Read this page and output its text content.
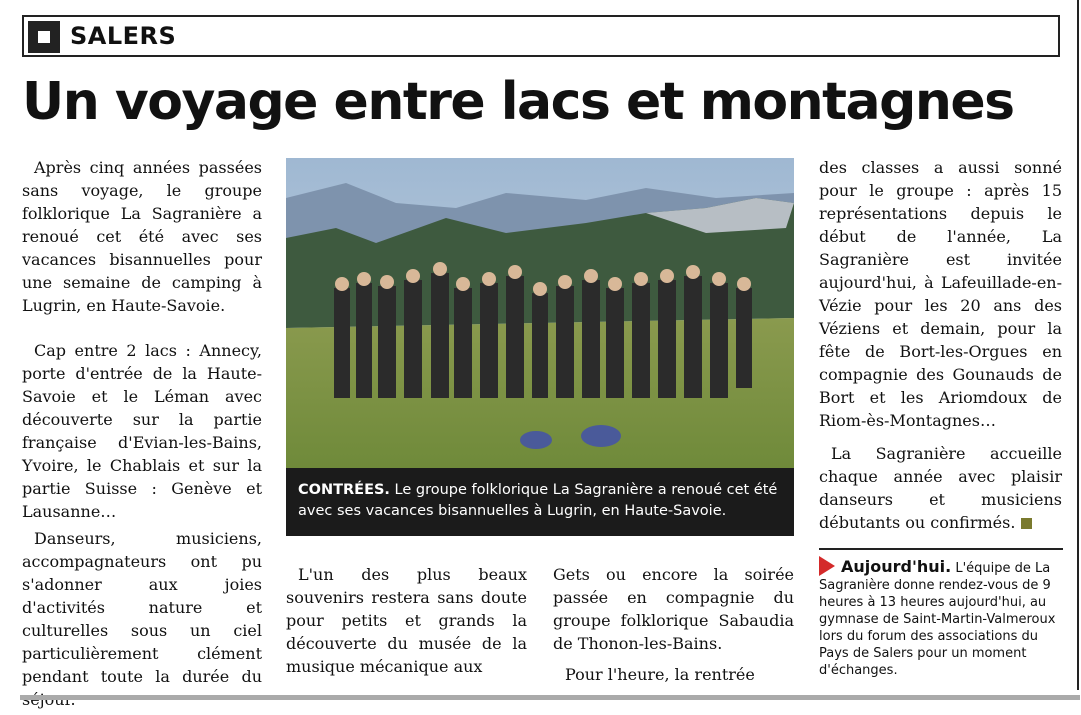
SALERS
Un voyage entre lacs et montagnes

Après cinq années passées sans voyage, le groupe folklorique La Sagranière a renoué cet été avec ses vacances bisannuelles pour une semaine de camping à Lugrin, en Haute-Savoie.

Cap entre 2 lacs : Annecy, porte d'entrée de la Haute-Savoie et le Léman avec découverte sur la partie française d'Evian-les-Bains, Yvoire, le Chablais et sur la partie Suisse : Genève et Lausanne…

Danseurs, musiciens, accompagnateurs ont pu s'adonner aux joies d'activités nature et culturelles sous un ciel particulièrement clément pendant toute la durée du

CONTRÉES. Le groupe folklorique La Sagranière a renoué cet été avec ses vacances bisannuelles à Lugrin, en Haute-Savoie.

L'un des plus beaux souvenirs restera sans doute pour petits et grands la découverte du musée de la musique mécanique aux

Gets ou encore la soirée passée en compagnie du groupe folklorique Sabaudia de Thonon-les-Bains.

Pour l'heure, la rentrée

des classes a aussi sonné pour le groupe : après 15 représentations depuis le début de l'année, La Sagranière est invitée aujourd'hui, à Lafeuillade-en-Vézie pour les 20 ans des Véziens et demain, pour la fête de Bort-les-Orgues en compagnie des Gounauds de Bort et les Ariomdoux de Riom-ès-Montagnes…

La Sagranière accueille chaque année avec plaisir danseurs et musiciens débutants ou confirmés.

Aujourd'hui. L'équipe de La Sagranière donne rendez-vous de 9 heures à 13 heures aujourd'hui, au gymnase de Saint-Martin-Valmeroux lors du forum des associations du Pays de Salers pour un moment d'échanges.
